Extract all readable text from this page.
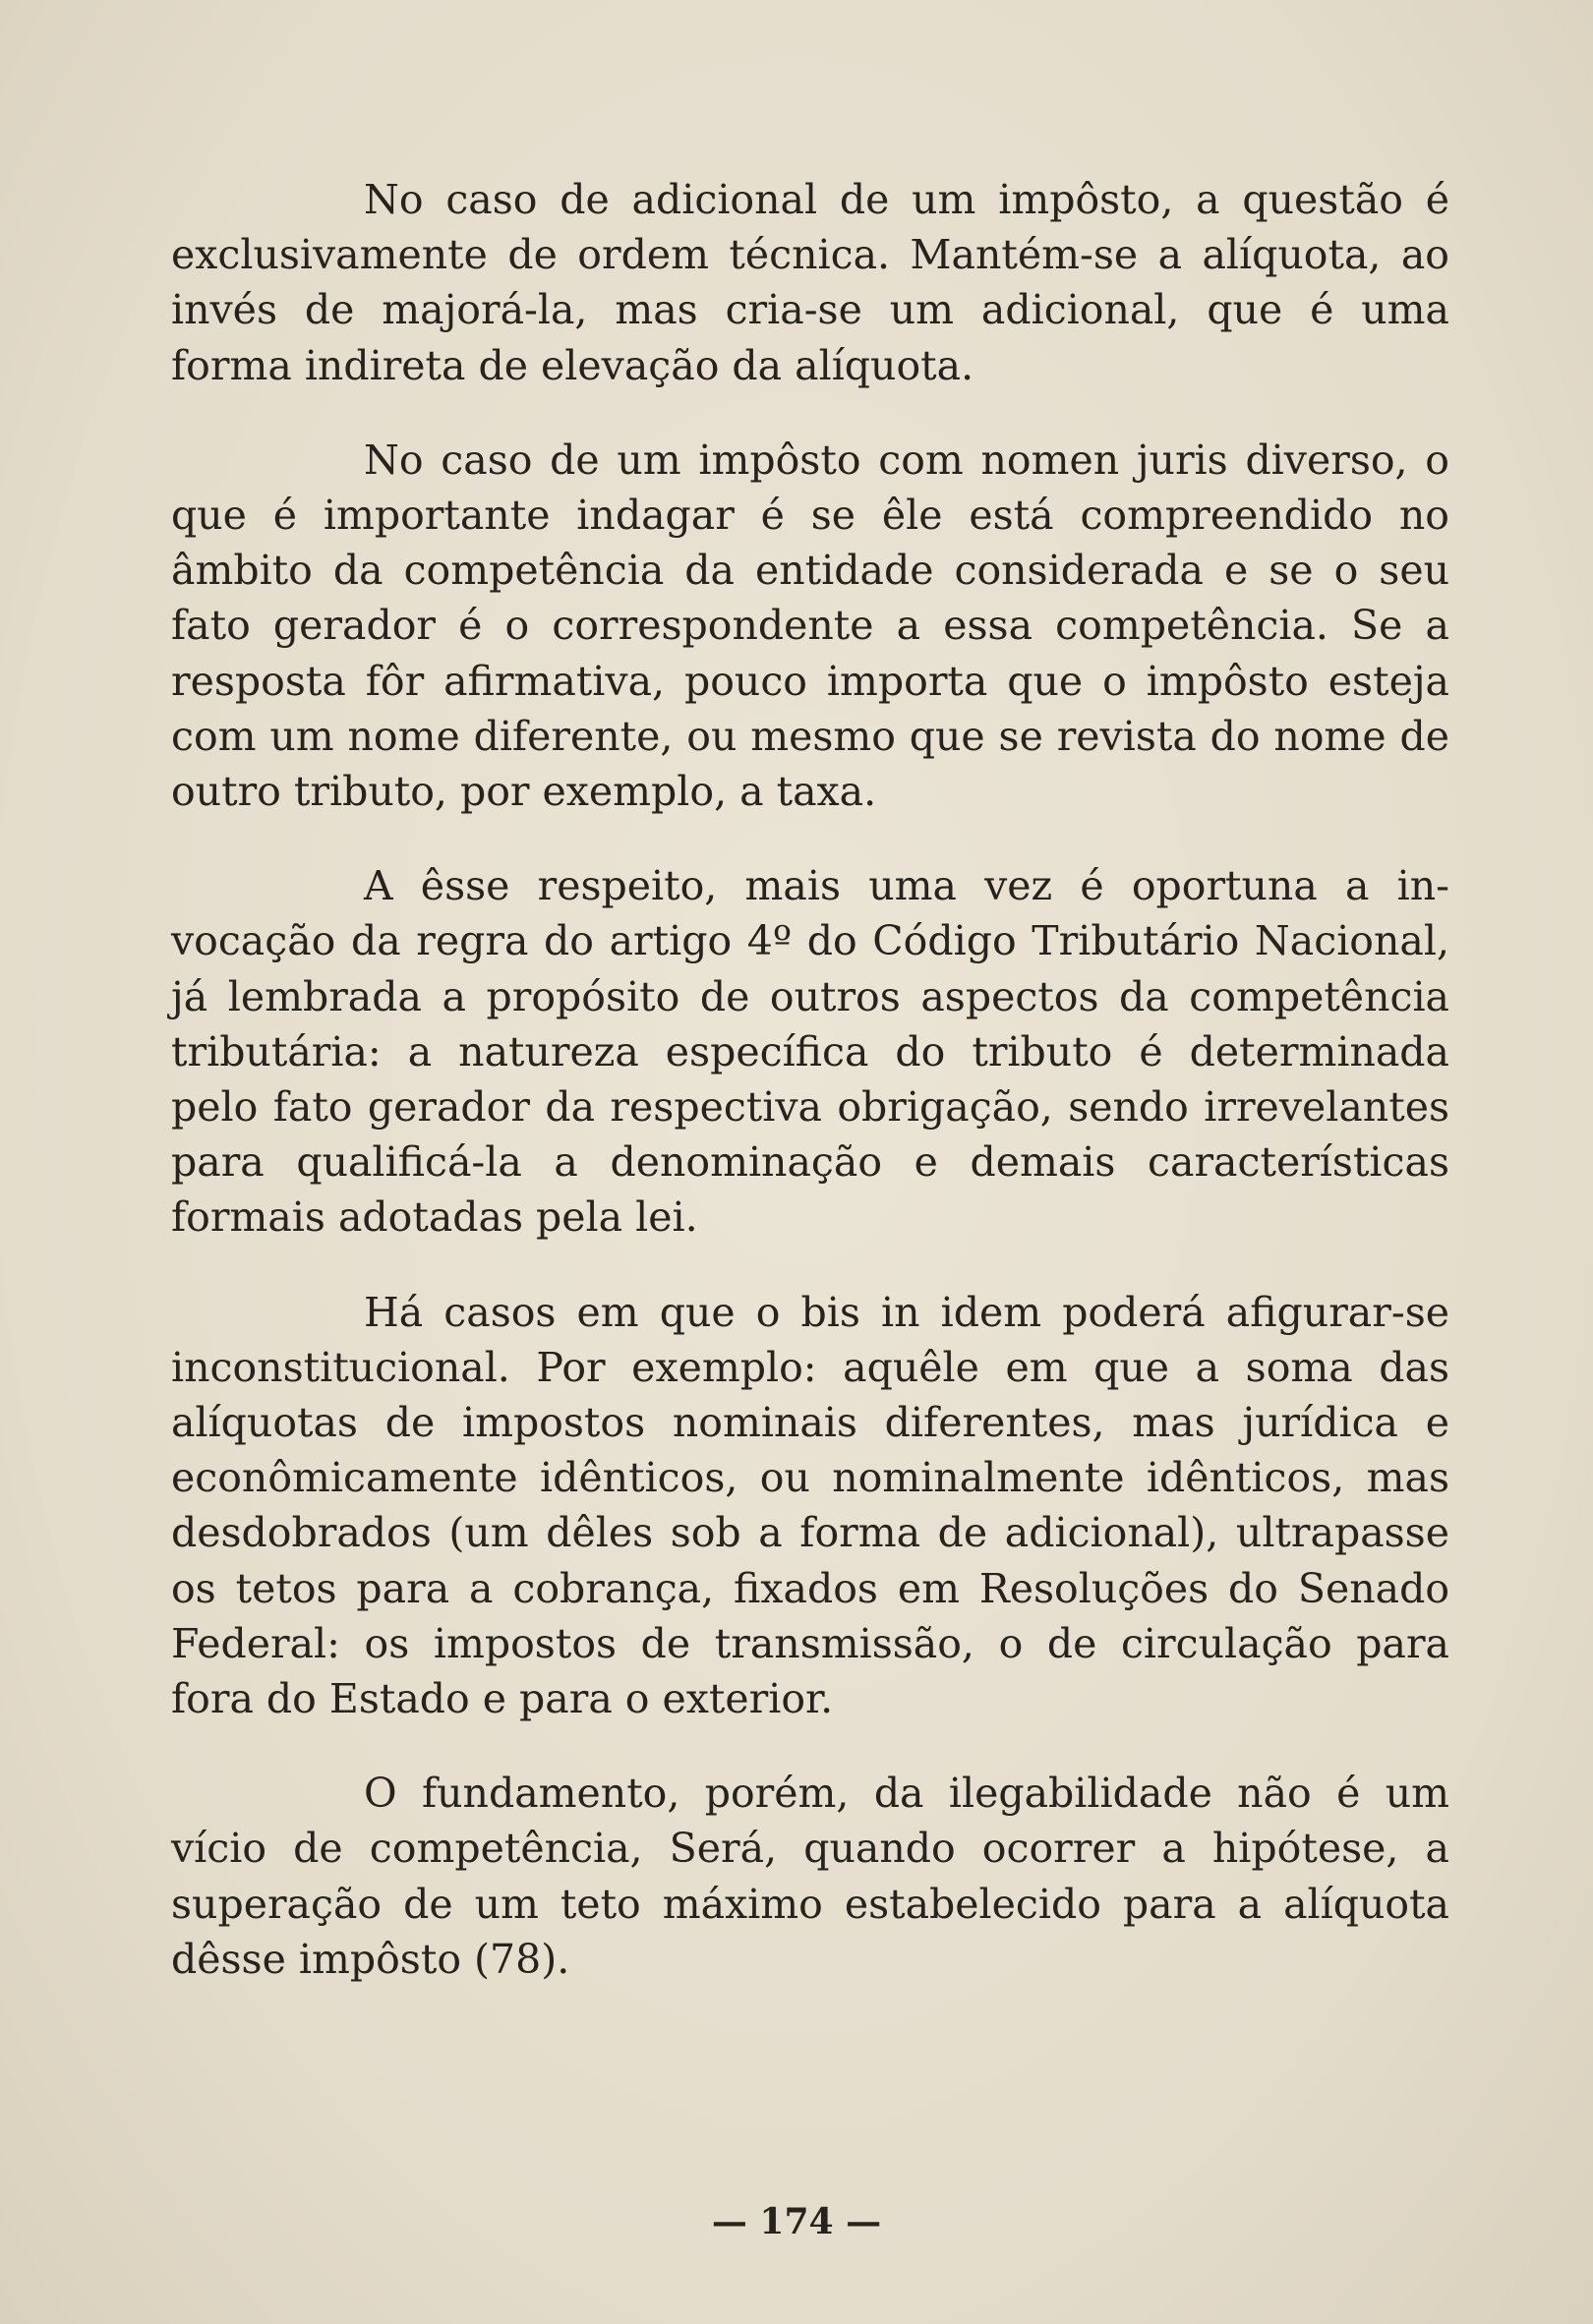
No caso de adicional de um impôsto, a questão é exclusivamente de ordem técnica. Mantém-se a alíquota, ao invés de majorá-la, mas cria-se um adicional, que é uma forma indireta de elevação da alíquota.

No caso de um impôsto com nomen juris diverso, o que é importante indagar é se êle está compreendido no âmbito da competência da entidade considerada e se o seu fato gerador é o correspondente a essa competência. Se a resposta fôr afirmativa, pouco importa que o impôsto esteja com um nome diferente, ou mesmo que se revista do nome de outro tributo, por exemplo, a taxa.

A êsse respeito, mais uma vez é oportuna a invocação da regra do artigo 4º do Código Tributário Nacional, já lembrada a propósito de outros aspectos da competência tributária: a natureza específica do tributo é determinada pelo fato gerador da respectiva obrigação, sendo irrevelantes para qualificá-la a denominação e demais características formais adotadas pela lei.

Há casos em que o bis in idem poderá afigurar-se inconstitucional. Por exemplo: aquêle em que a soma das alíquotas de impostos nominais diferentes, mas jurídica e econômicamente idênticos, ou nominalmente idênticos, mas desdobrados (um dêles sob a forma de adicional), ultrapasse os tetos para a cobrança, fixados em Resoluções do Senado Federal: os impostos de transmissão, o de circulação para fora do Estado e para o exterior.

O fundamento, porém, da ilegabilidade não é um vício de competência, Será, quando ocorrer a hipótese, a superação de um teto máximo estabelecido para a alíquota dêsse impôsto (78).

— 174 —
